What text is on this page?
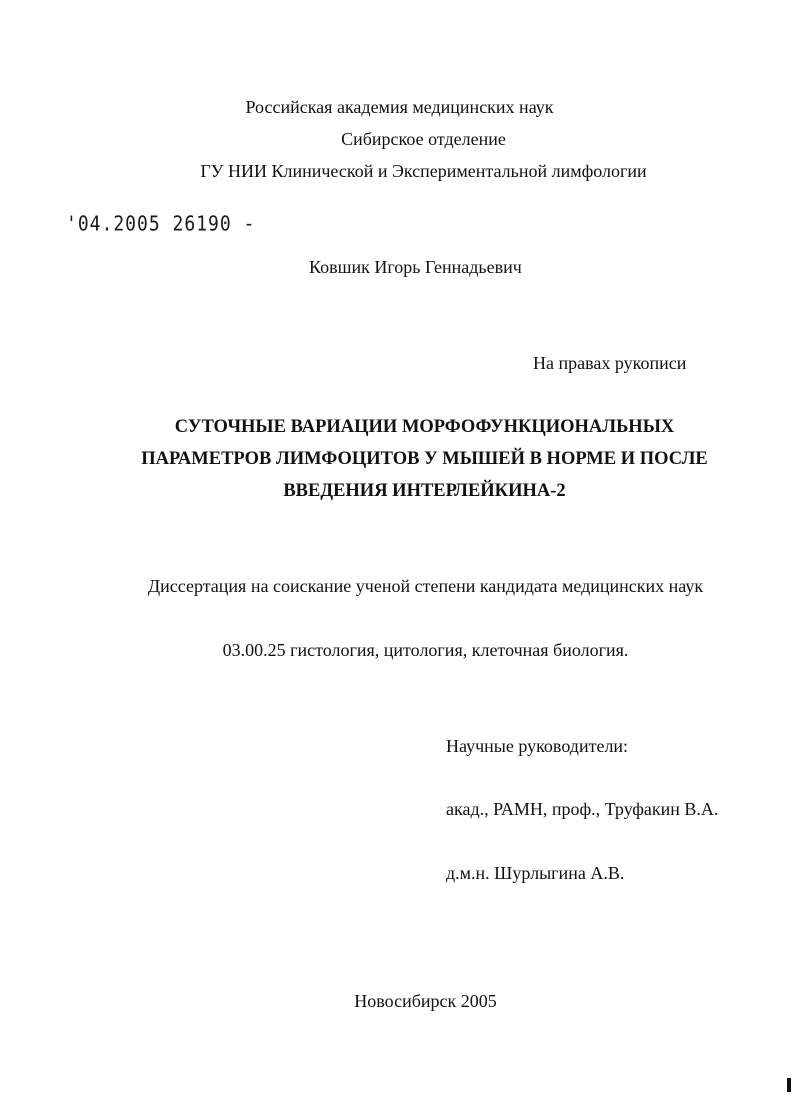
Российская академия медицинских наук
Сибирское отделение
ГУ НИИ Клинической и Экспериментальной лимфологии
'04.2005 26190 -
Ковшик Игорь Геннадьевич
На правах рукописи
СУТОЧНЫЕ ВАРИАЦИИ МОРФОФУНКЦИОНАЛЬНЫХ
ПАРАМЕТРОВ ЛИМФОЦИТОВ У МЫШЕЙ В НОРМЕ И ПОСЛЕ
ВВЕДЕНИЯ ИНТЕРЛЕЙКИНА-2
Диссертация на соискание ученой степени кандидата медицинских наук
03.00.25 гистология, цитология, клеточная биология.
Научные руководители:
акад., РАМН, проф., Труфакин В.А.
д.м.н. Шурлыгина А.В.
Новосибирск 2005
